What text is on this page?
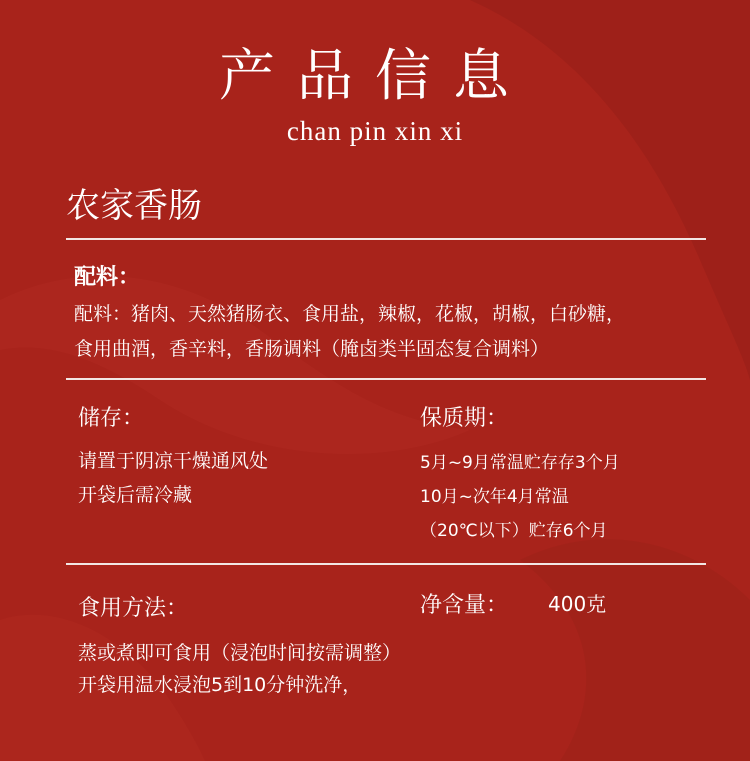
产品信息
chan pin xin xi
农家香肠
配料：
配料：猪肉、天然猪肠衣、食用盐，辣椒，花椒，胡椒，白砂糖，
食用曲酒，香辛料，香肠调料（腌卤类半固态复合调料）
储存：
请置于阴凉干燥通风处
开袋后需冷藏
保质期：
5月~9月常温贮存存3个月
10月~次年4月常温
（20℃以下）贮存6个月
食用方法：	净含量： 400克
蒸或煮即可食用（浸泡时间按需调整）
开袋用温水浸泡5到10分钟洗净，
